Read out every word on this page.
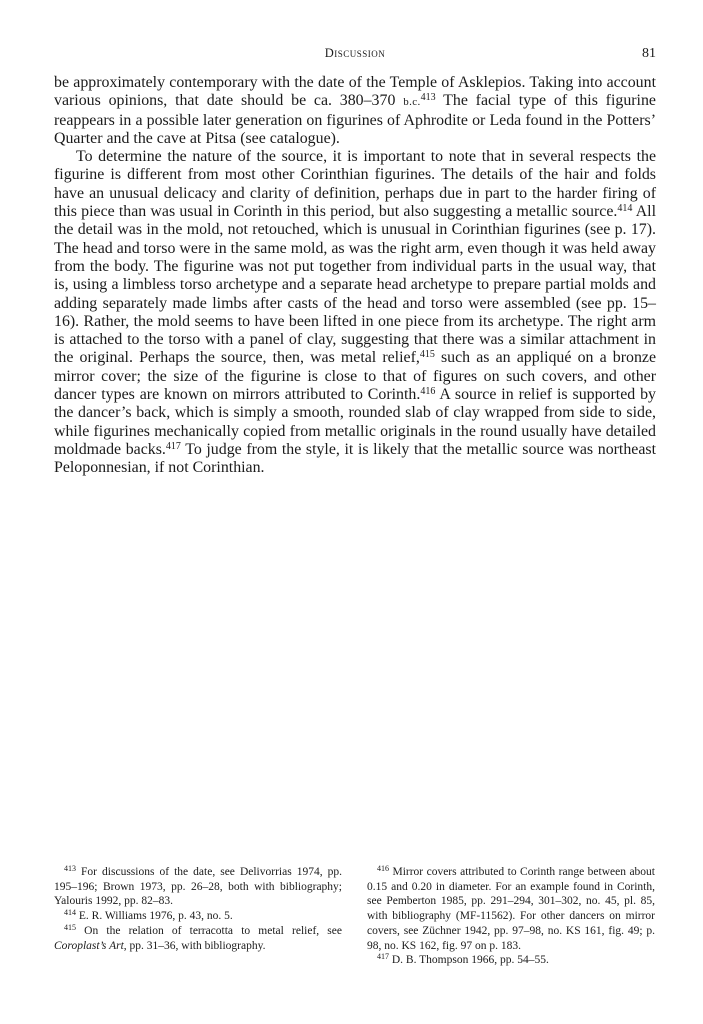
Discussion	81

be approximately contemporary with the date of the Temple of Asklepios. Taking into account various opinions, that date should be ca. 380–370 b.c.$^{413}$ The facial type of this figurine reappears in a possible later generation on figurines of Aphrodite or Leda found in the Potters’ Quarter and the cave at Pitsa (see catalogue).

To determine the nature of the source, it is important to note that in several respects the figurine is different from most other Corinthian figurines. The details of the hair and folds have an unusual delicacy and clarity of definition, perhaps due in part to the harder firing of this piece than was usual in Corinth in this period, but also suggesting a metallic source.$^{414}$ All the detail was in the mold, not retouched, which is unusual in Corinthian figurines (see p. 17). The head and torso were in the same mold, as was the right arm, even though it was held away from the body. The figurine was not put together from individual parts in the usual way, that is, using a limbless torso archetype and a separate head archetype to prepare partial molds and adding separately made limbs after casts of the head and torso were assembled (see pp. 15–16). Rather, the mold seems to have been lifted in one piece from its archetype. The right arm is attached to the torso with a panel of clay, suggesting that there was a similar attachment in the original. Perhaps the source, then, was metal relief,$^{415}$ such as an appliqué on a bronze mirror cover; the size of the figurine is close to that of figures on such covers, and other dancer types are known on mirrors attributed to Corinth.$^{416}$ A source in relief is supported by the dancer’s back, which is simply a smooth, rounded slab of clay wrapped from side to side, while figurines mechanically copied from metallic originals in the round usually have detailed moldmade backs.$^{417}$ To judge from the style, it is likely that the metallic source was northeast Peloponnesian, if not Corinthian.

$^{413}$ For discussions of the date, see Delivorrias 1974, pp. 195–196; Brown 1973, pp. 26–28, both with bibliography; Yalouris 1992, pp. 82–83.

$^{414}$ E. R. Williams 1976, p. 43, no. 5.

$^{415}$ On the relation of terracotta to metal relief, see Coroplast’s Art, pp. 31–36, with bibliography.

$^{416}$ Mirror covers attributed to Corinth range between about 0.15 and 0.20 in diameter. For an example found in Corinth, see Pemberton 1985, pp. 291–294, 301–302, no. 45, pl. 85, with bibliography (MF-11562). For other dancers on mirror covers, see Züchner 1942, pp. 97–98, no. KS 161, fig. 49; p. 98, no. KS 162, fig. 97 on p. 183.

$^{417}$ D. B. Thompson 1966, pp. 54–55.
